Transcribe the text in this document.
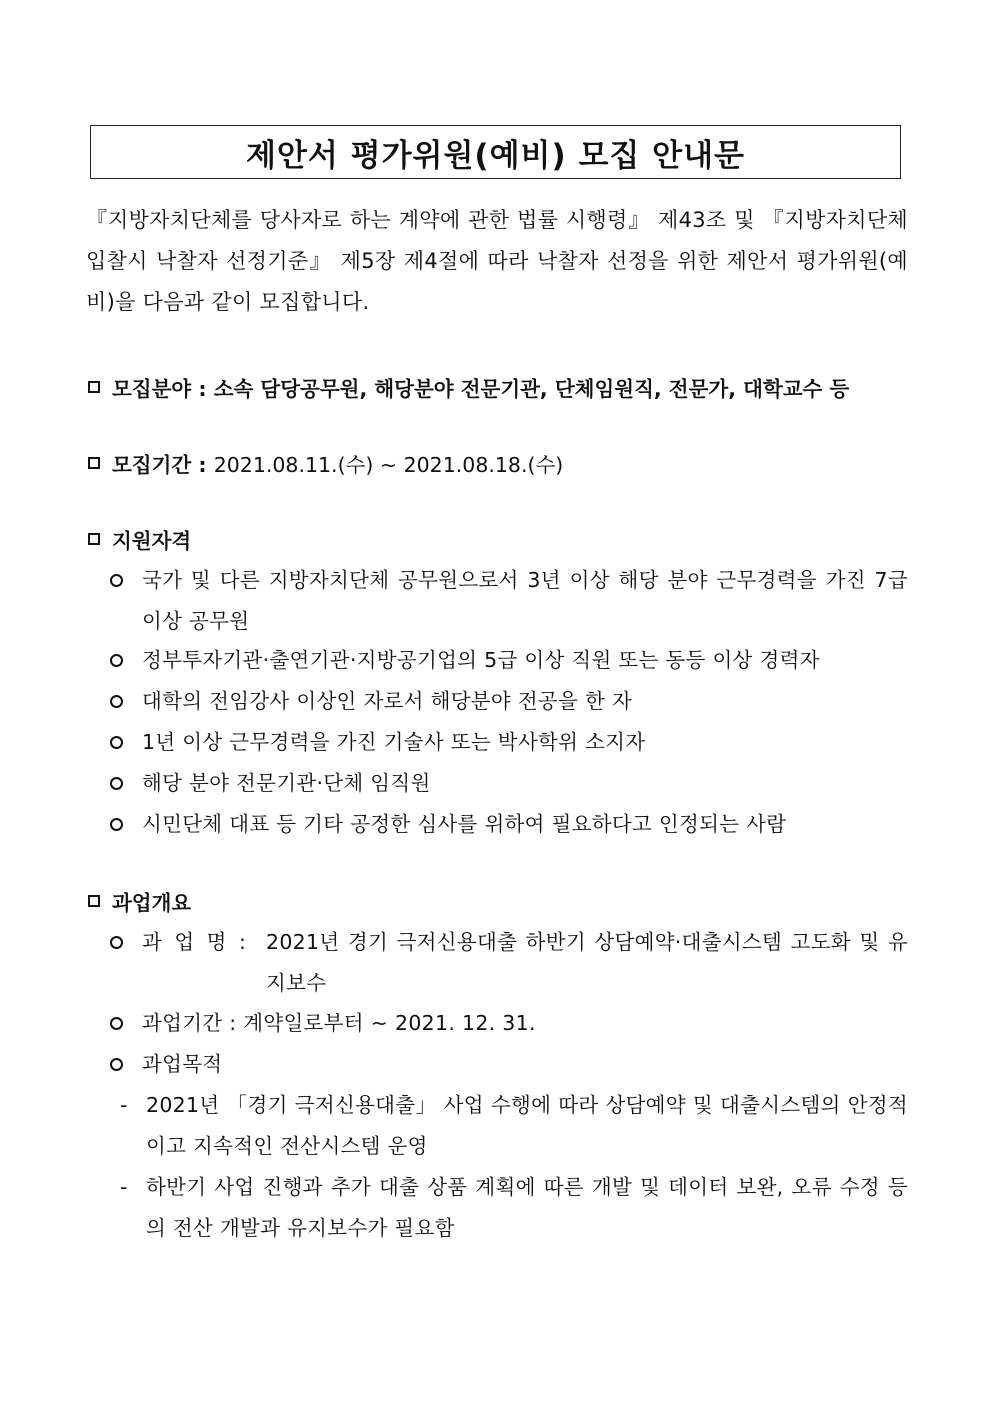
제안서 평가위원(예비) 모집 안내문
『지방자치단체를 당사자로 하는 계약에 관한 법률 시행령』 제43조 및 『지방자치단체 입찰시 낙찰자 선정기준』 제5장 제4절에 따라 낙찰자 선정을 위한 제안서 평가위원(예비)을 다음과 같이 모집합니다.
모집분야 :
소속 담당공무원, 해당분야 전문기관, 단체임원직, 전문가, 대학교수 등
모집기간 :
2021.08.11.(수) ~ 2021.08.18.(수)
지원자격
국가 및 다른 지방자치단체 공무원으로서 3년 이상 해당 분야 근무경력을 가진 7급 이상 공무원
정부투자기관·출연기관·지방공기업의 5급 이상 직원 또는 동등 이상 경력자
대학의 전임강사 이상인 자로서 해당분야 전공을 한 자
1년 이상 근무경력을 가진 기술사 또는 박사학위 소지자
해당 분야 전문기관·단체 임직원
시민단체 대표 등 기타 공정한 심사를 위하여 필요하다고 인정되는 사람
과업개요
과 업 명 : 2021년 경기 극저신용대출 하반기 상담예약·대출시스템 고도화 및 유지보수
과업기간 : 계약일로부터 ~ 2021. 12. 31.
과업목적
- 2021년 「경기 극저신용대출」 사업 수행에 따라 상담예약 및 대출시스템의 안정적이고 지속적인 전산시스템 운영
- 하반기 사업 진행과 추가 대출 상품 계획에 따른 개발 및 데이터 보완, 오류 수정 등의 전산 개발과 유지보수가 필요함
